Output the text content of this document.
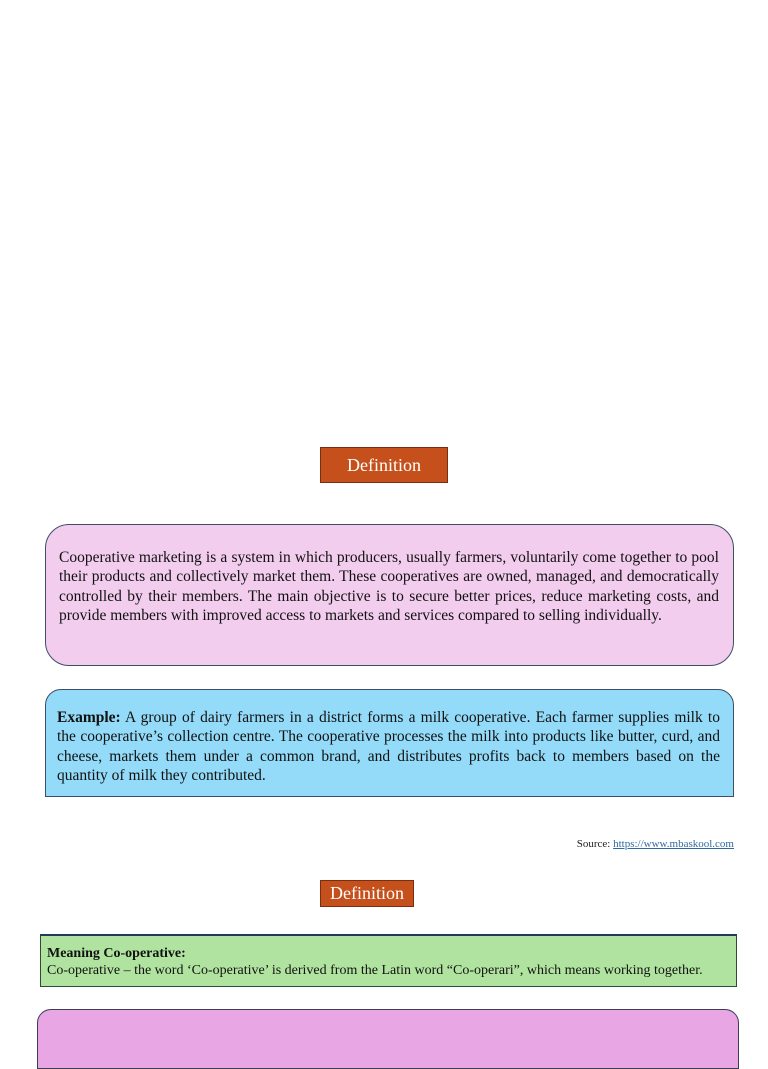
Definition
Cooperative marketing is a system in which producers, usually farmers, voluntarily come together to pool their products and collectively market them. These cooperatives are owned, managed, and democratically controlled by their members. The main objective is to secure better prices, reduce marketing costs, and provide members with improved access to markets and services compared to selling individually.
Example: A group of dairy farmers in a district forms a milk cooperative. Each farmer supplies milk to the cooperative’s collection centre. The cooperative processes the milk into products like butter, curd, and cheese, markets them under a common brand, and distributes profits back to members based on the quantity of milk they contributed.
Source: https://www.mbaskool.com
Definition
Meaning Co-operative:
Co-operative – the word ‘Co-operative’ is derived from the Latin word “Co-operari”, which means working together.
